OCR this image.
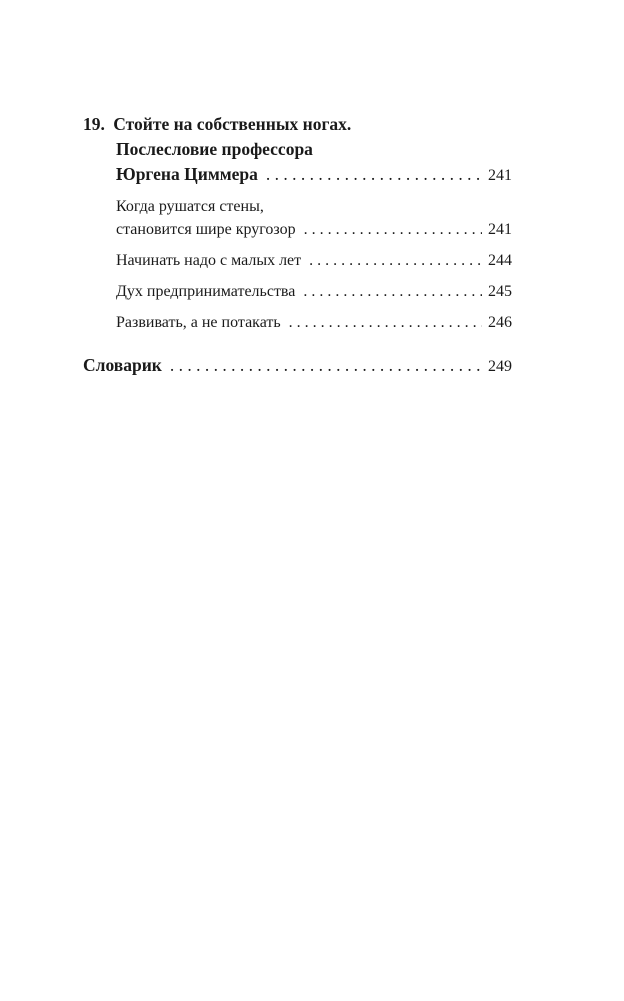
19. Стойте на собственных ногах.
Послесловие профессора
Юргена Циммера . . .	241
Когда рушатся стены,
становится шире кругозор . . .	241
Начинать надо с малых лет . . .	244
Дух предпринимательства . . .	245
Развивать, а не потакать . . .	246
Словарик . . .	249
